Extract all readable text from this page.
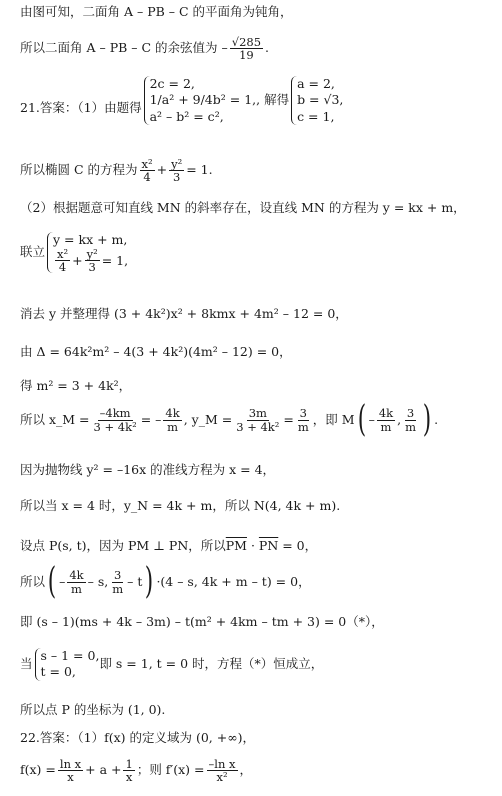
由图可知，二面角 A – PB – C 的平面角为钝角，
所以二面角 A – PB – C 的余弦值为 – $\frac{√285}{19}$ .
21.答案：（1）由题得
2c = 2,
1/a² + 9/4b² = 1,
a² – b² = c²,
, 解得
a = 2,
b = √3,
c = 1,
所以椭圆 C 的方程为 $\frac{\text{x²}}{4} + \frac{\text{y²}}{3} = 1$.
（2）根据题意可知直线 MN 的斜率存在，设直线 MN 的方程为 y = kx + m，
联立
y = kx + m,
$\frac{\text{x²}}{4} + \frac{\text{y²}}{3} = 1$,
消去 y 并整理得 (3 + 4k²)x² + 8kmx + 4m² – 12 = 0，
由 Δ = 64k²m² – 4(3 + 4k²)(4m² – 12) = 0，
得 m² = 3 + 4k²，
所以 x_M = $\frac{-4km}{\text{3 + 4k²}}$ = – $\frac{4k}{m}$ , y_M = $\frac{3m}{\text{3 + 4k²}} = \frac{3}{m}$ ，即 M ( – $\frac{4k}{m}$ , $\frac{3}{m}$ ) .
因为抛物线 y² = –16x 的准线方程为 x = 4，
所以当 x = 4 时，y_N = 4k + m，所以 N(4, 4k + m).
设点 P(s, t)，因为 PM ⊥ PN，所以$\overline{PM} \cdot \overline{PN} = 0$，
所以 ( – $\frac{4k}{m}$ – s, $\frac{3}{m}$ – t ) ·(4 – s, 4k + m – t) = 0，
即 (s – 1)(ms + 4k – 3m) – t(m² + 4km – tm + 3) = 0（*），
当
s – 1 = 0,
t = 0,
即 s = 1, t = 0 时，方程（*）恒成立，
所以点 P 的坐标为 (1, 0).
22.答案：（1）f(x) 的定义域为 (0, +∞)，
$f(x) = \frac{\text{ln x}}{x} + a + \frac{1}{x}$ ；则 $f'(x) = \frac{\text{–ln x}}{\text{x²}}$ ，
